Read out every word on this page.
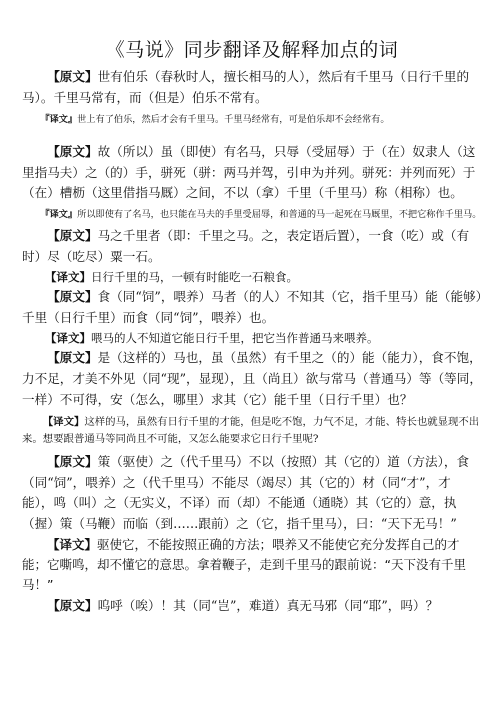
《马说》同步翻译及解释加点的词

【原文】世有伯乐（春秋时人，擅长相马的人），然后有千里马（日行千里的马）。千里马常有，而（但是）伯乐不常有。

『译文』世上有了伯乐，然后才会有千里马。千里马经常有，可是伯乐却不会经常有。

【原文】故（所以）虽（即使）有名马，只辱（受屈辱）于（在）奴隶人（这里指马夫）之（的）手，骈死（骈：两马并驾，引申为并列。骈死：并列而死）于（在）槽枥（这里借指马厩）之间，不以（拿）千里（千里马）称（相称）也。

『译文』所以即使有了名马，也只能在马夫的手里受屈辱，和普通的马一起死在马厩里，不把它称作千里马。

【原文】马之千里者（即：千里之马。之，表定语后置），一食（吃）或（有时）尽（吃尽）粟一石。

【译文】日行千里的马，一顿有时能吃一石粮食。

【原文】食（同“饲”，喂养）马者（的人）不知其（它，指千里马）能（能够）千里（日行千里）而食（同“饲”，喂养）也。

【译文】喂马的人不知道它能日行千里，把它当作普通马来喂养。

【原文】是（这样的）马也，虽（虽然）有千里之（的）能（能力），食不饱，力不足，才美不外见（同“现”，显现），且（尚且）欲与常马（普通马）等（等同，一样）不可得，安（怎么，哪里）求其（它）能千里（日行千里）也？

【译文】这样的马，虽然有日行千里的才能，但是吃不饱，力气不足，才能、特长也就显现不出来。想要跟普通马等同尚且不可能，又怎么能要求它日行千里呢?

【原文】策（驱使）之（代千里马）不以（按照）其（它的）道（方法），食（同“饲”，喂养）之（代千里马）不能尽（竭尽）其（它的）材（同“才”，才能），鸣（叫）之（无实义，不译）而（却）不能通（通晓）其（它的）意，执（握）策（马鞭）而临（到……跟前）之（它，指千里马），曰：“天下无马！”

【译文】驱使它，不能按照正确的方法；喂养又不能使它充分发挥自己的才能；它嘶鸣，却不懂它的意思。拿着鞭子，走到千里马的跟前说：“天下没有千里马！”

【原文】呜呼（唉）！其（同“岂”，难道）真无马邪（同“耶”，吗）？
